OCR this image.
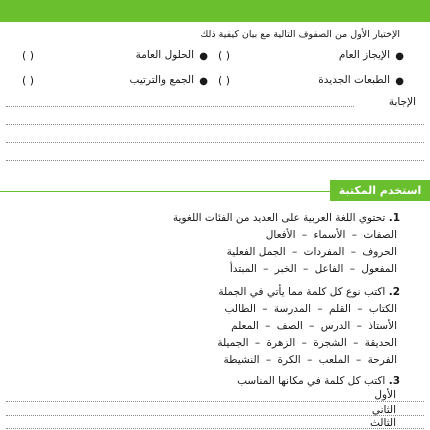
الإختيار الأول من الصفوف التالية مع بيان كيفية ذلك
●
الإيجاز العام
( )
●
الحلول العامة
( )
●
الطبعات الجديدة
( )
●
الجمع والترتيب
( )
الإجابة
استخدم المكتبة
1. تحتوي اللغة العربية على العديد من الفئات اللغوية
الصفات – الأسماء – الأفعال
الحروف – المفردات – الجمل الفعلية
المفعول – الفاعل – الخبر – المبتدأ
2. اكتب نوع كل كلمة مما يأتي في الجملة
الكتاب – القلم – المدرسة – الطالب
الأستاذ – الدرس – الصف – المعلم
الحديقة – الشجرة – الزهرة – الجميلة
الفرحة – الملعب – الكرة – النشيطة
3. اكتب كل كلمة في مكانها المناسب
الأول
الثاني
الثالث
